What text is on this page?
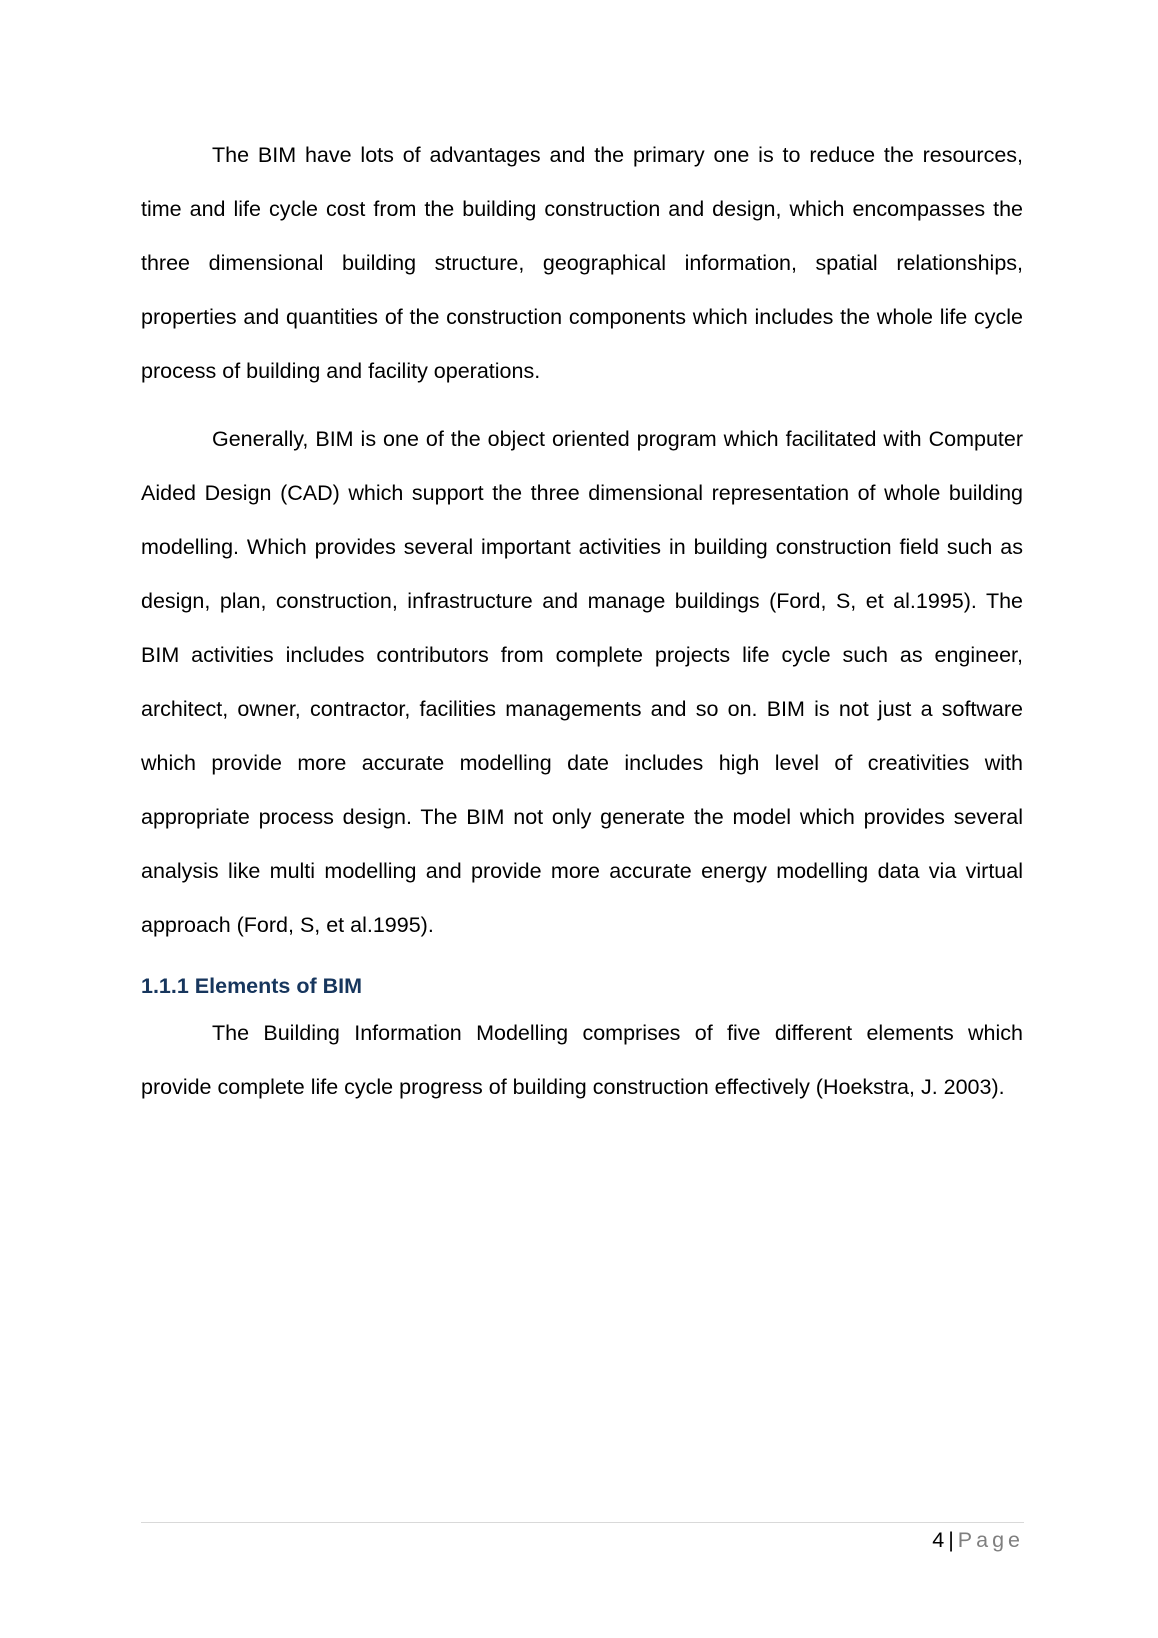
The BIM have lots of advantages and the primary one is to reduce the resources, time and life cycle cost from the building construction and design, which encompasses the three dimensional building structure, geographical information, spatial relationships, properties and quantities of the construction components which includes the whole life cycle process of building and facility operations.

Generally, BIM is one of the object oriented program which facilitated with Computer Aided Design (CAD) which support the three dimensional representation of whole building modelling. Which provides several important activities in building construction field such as design, plan, construction, infrastructure and manage buildings (Ford, S, et al.1995). The BIM activities includes contributors from complete projects life cycle such as engineer, architect, owner, contractor, facilities managements and so on. BIM is not just a software which provide more accurate modelling date includes high level of creativities with appropriate process design. The BIM not only generate the model which provides several analysis like multi modelling and provide more accurate energy modelling data via virtual approach (Ford, S, et al.1995).

1.1.1 Elements of BIM

The Building Information Modelling comprises of five different elements which provide complete life cycle progress of building construction effectively (Hoekstra, J. 2003).

4 | Page
